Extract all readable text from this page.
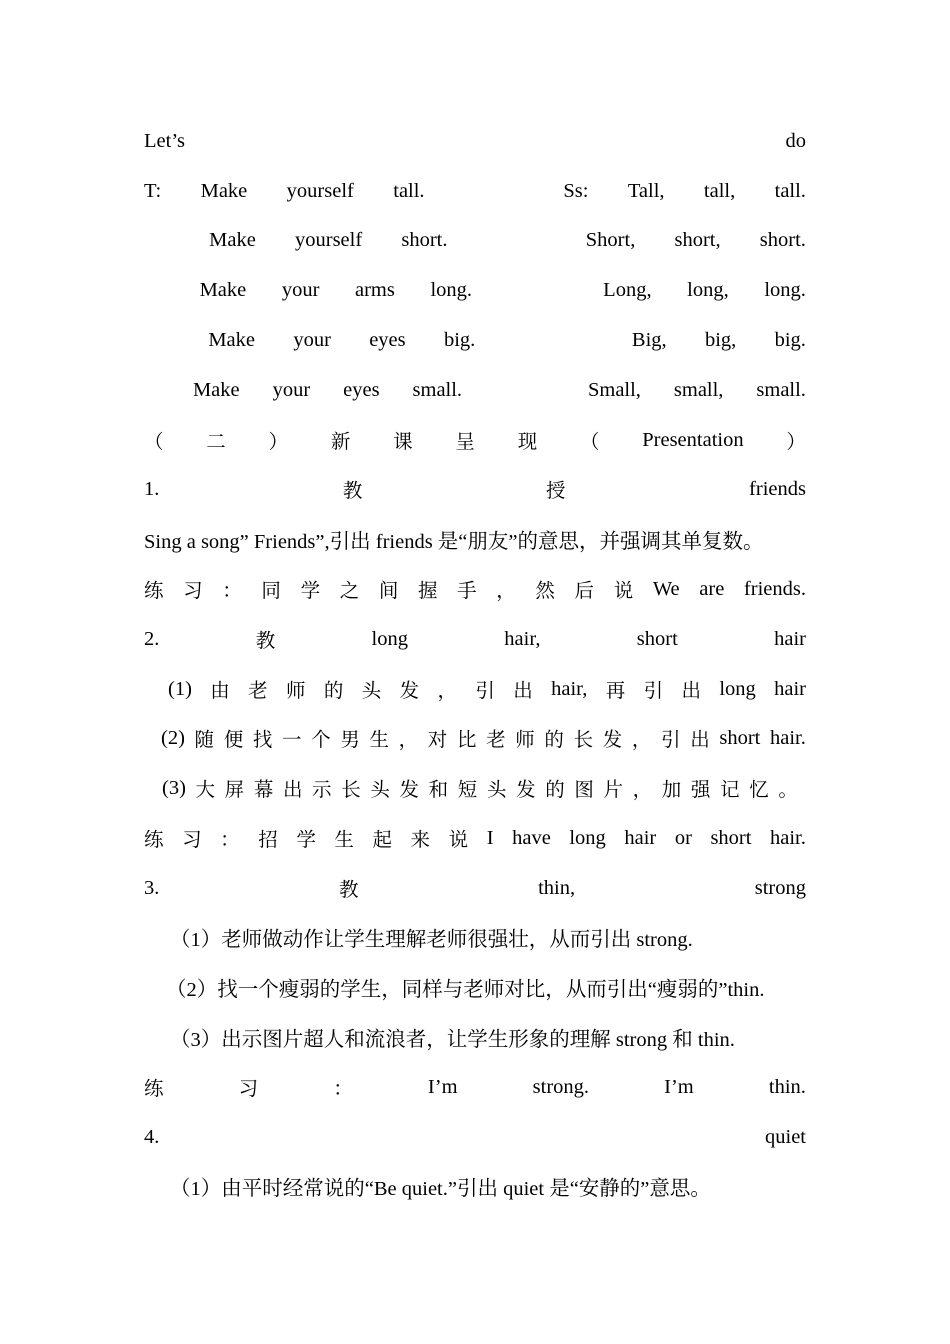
Let’s	do
T: Make yourself tall.	Ss: Tall, tall, tall.
Make yourself short.	Short, short, short.
Make your arms long.	Long, long, long.
Make your eyes big.	Big, big, big.
Make your eyes small.	Small, small, small.
（ 二 ） 新 课 呈 现 （ Presentation ）
1.	教	授	friends
Sing a song” Friends”,引出 friends 是“朋友”的意思，并强调其单复数。
练 习 ： 同 学 之 间 握 手 ， 然 后 说 We are friends.
2.	教	long	hair,	short	hair
(1) 由 老 师 的 头 发 ， 引 出 hair, 再 引 出 long hair
(2) 随 便 找 一 个 男 生 ， 对 比 老 师 的 长 发 ， 引 出 short hair.
(3) 大 屏 幕 出 示 长 头 发 和 短 头 发 的 图 片 ， 加 强 记 忆 。
练 习 ： 招 学 生 起 来 说 I have long hair or short hair.
3.	教	thin,	strong
（1）老师做动作让学生理解老师很强壮，从而引出 strong.
（2）找一个瘦弱的学生，同样与老师对比，从而引出“瘦弱的”thin.
（3）出示图片超人和流浪者，让学生形象的理解 strong 和 thin.
练	习	：	I’m	strong.	I’m	thin.
4.	quiet
（1）由平时经常说的“Be quiet.”引出 quiet 是“安静的”意思。
